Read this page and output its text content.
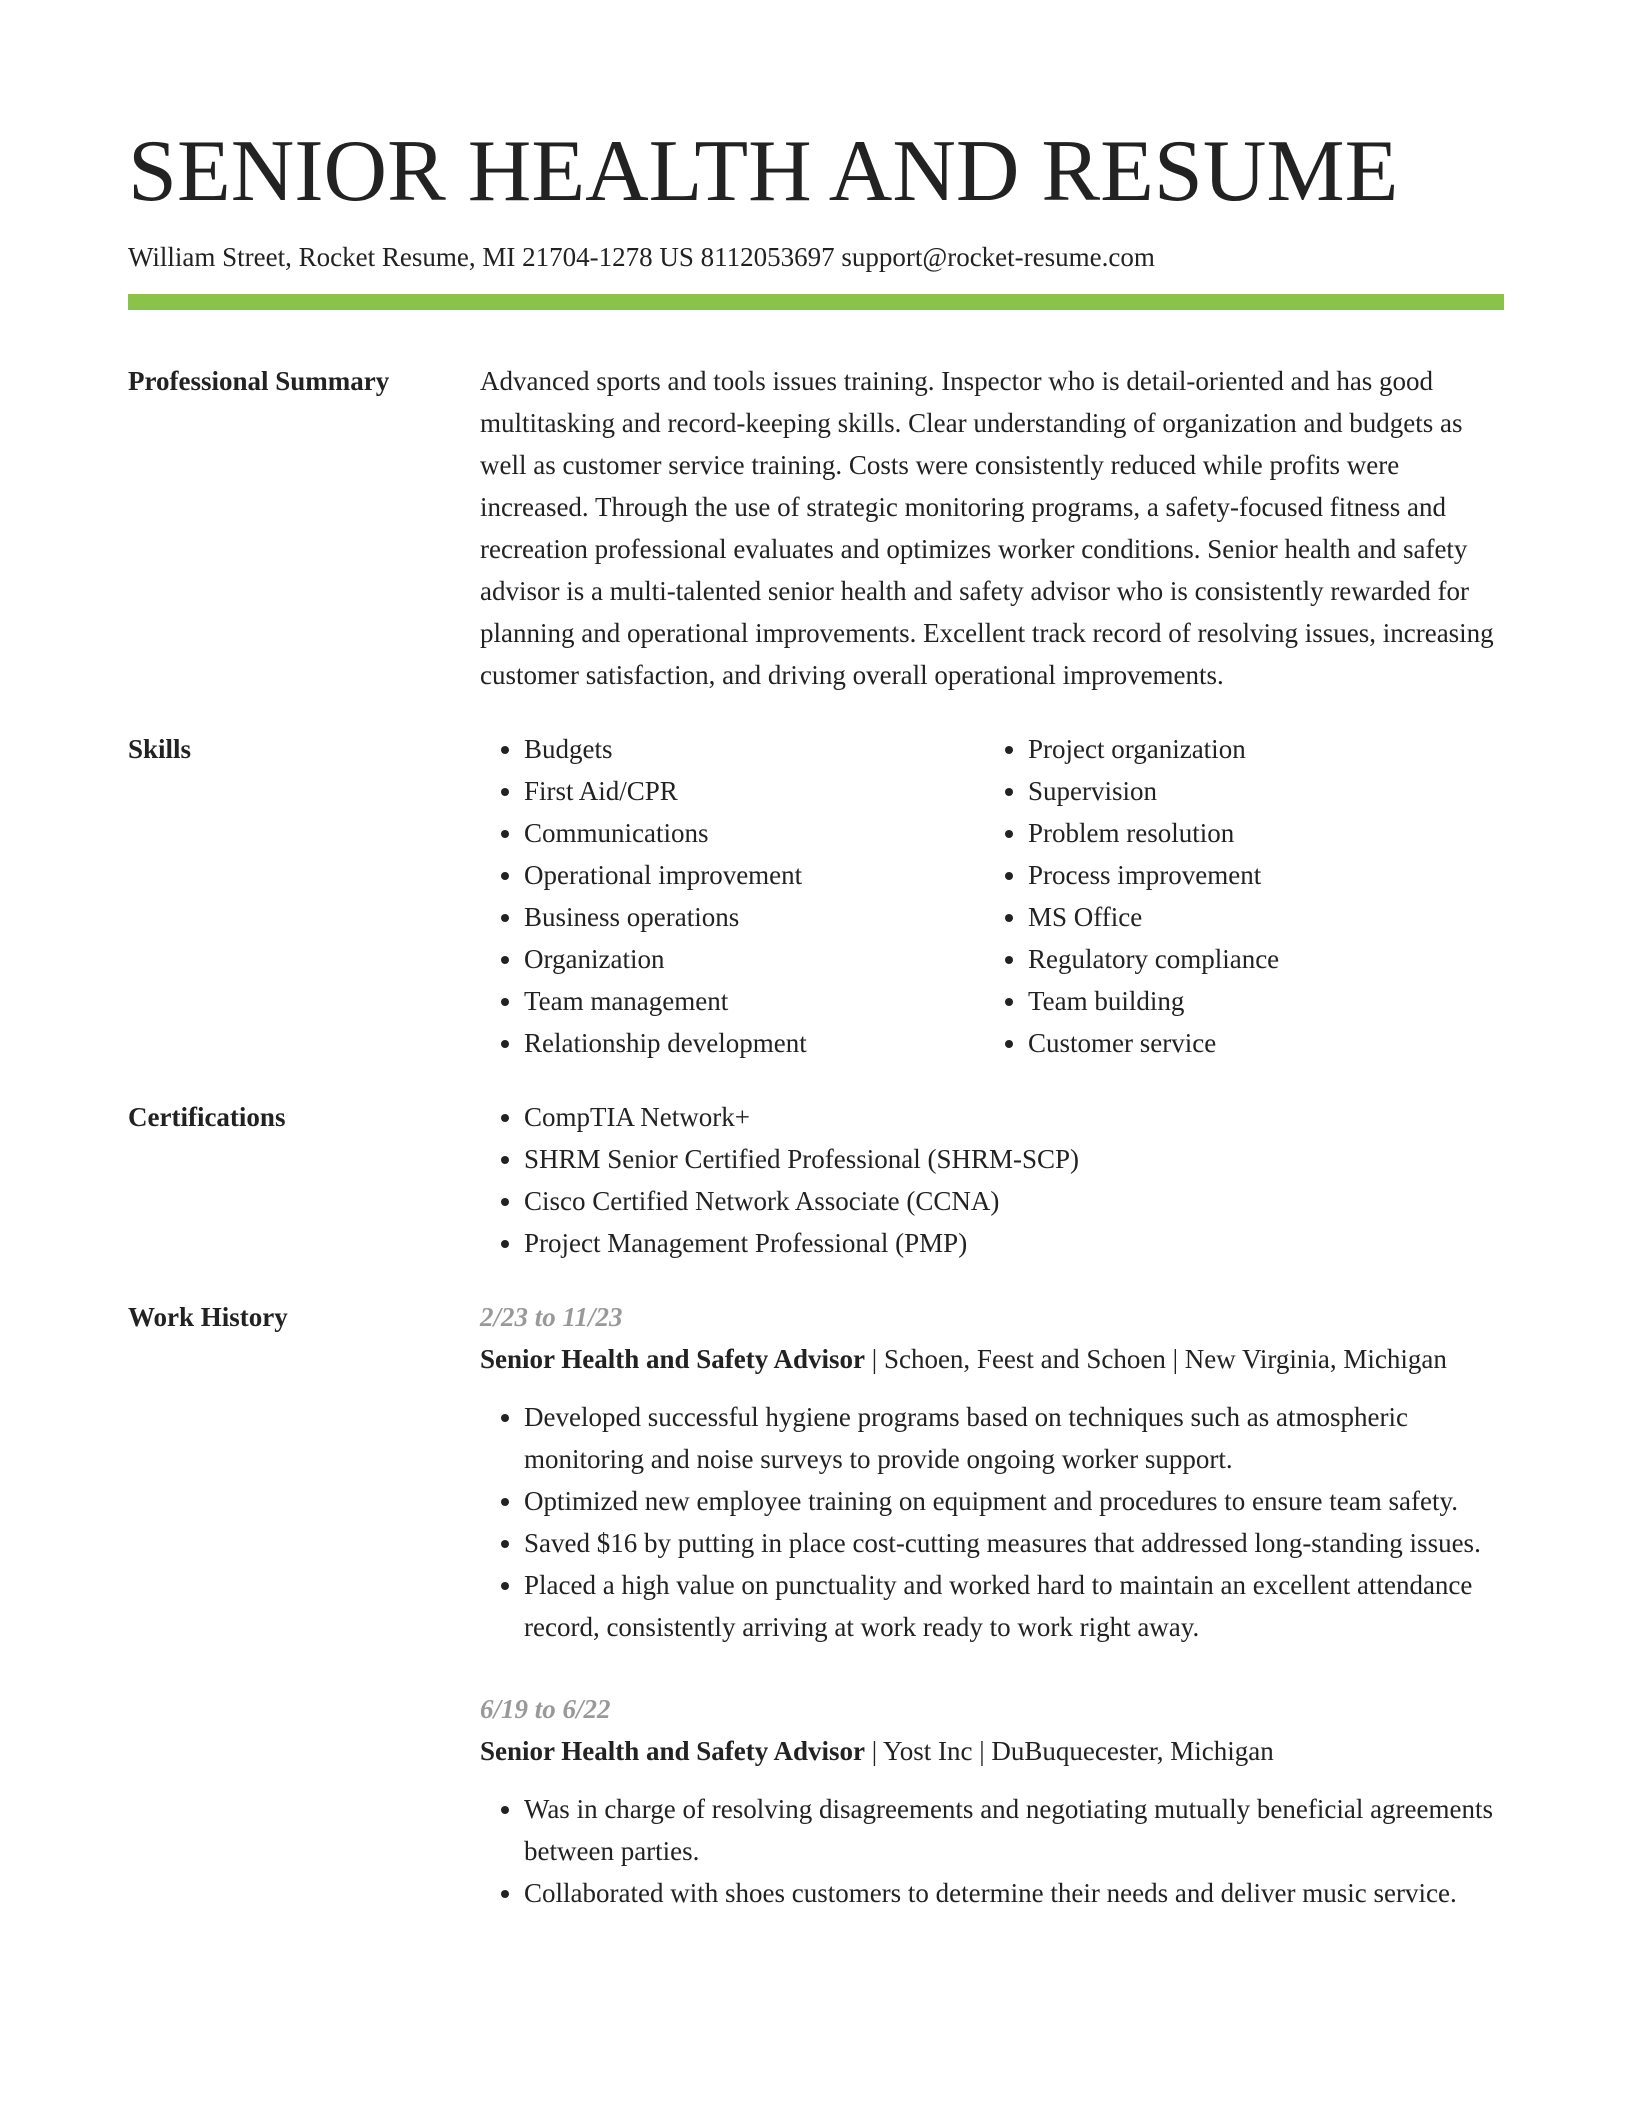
SENIOR HEALTH AND RESUME
William Street, Rocket Resume, MI 21704-1278 US 8112053697 support@rocket-resume.com
Professional Summary	Advanced sports and tools issues training. Inspector who is detail-oriented and has good multitasking and record-keeping skills. Clear understanding of organization and budgets as well as customer service training. Costs were consistently reduced while profits were increased. Through the use of strategic monitoring programs, a safety-focused fitness and recreation professional evaluates and optimizes worker conditions. Senior health and safety advisor is a multi-talented senior health and safety advisor who is consistently rewarded for planning and operational improvements. Excellent track record of resolving issues, increasing customer satisfaction, and driving overall operational improvements.
Skills	• Budgets
• First Aid/CPR
• Communications
• Operational improvement
• Business operations
• Organization
• Team management
• Relationship development
• Project organization
• Supervision
• Problem resolution
• Process improvement
• MS Office
• Regulatory compliance
• Team building
• Customer service
Certifications	• CompTIA Network+
• SHRM Senior Certified Professional (SHRM-SCP)
• Cisco Certified Network Associate (CCNA)
• Project Management Professional (PMP)
Work History	2/23 to 11/23
Senior Health and Safety Advisor | Schoen, Feest and Schoen | New Virginia, Michigan
• Developed successful hygiene programs based on techniques such as atmospheric monitoring and noise surveys to provide ongoing worker support.
• Optimized new employee training on equipment and procedures to ensure team safety.
• Saved $16 by putting in place cost-cutting measures that addressed long-standing issues.
• Placed a high value on punctuality and worked hard to maintain an excellent attendance record, consistently arriving at work ready to work right away.
6/19 to 6/22
Senior Health and Safety Advisor | Yost Inc | DuBuquecester, Michigan
• Was in charge of resolving disagreements and negotiating mutually beneficial agreements between parties.
• Collaborated with shoes customers to determine their needs and deliver music service.
